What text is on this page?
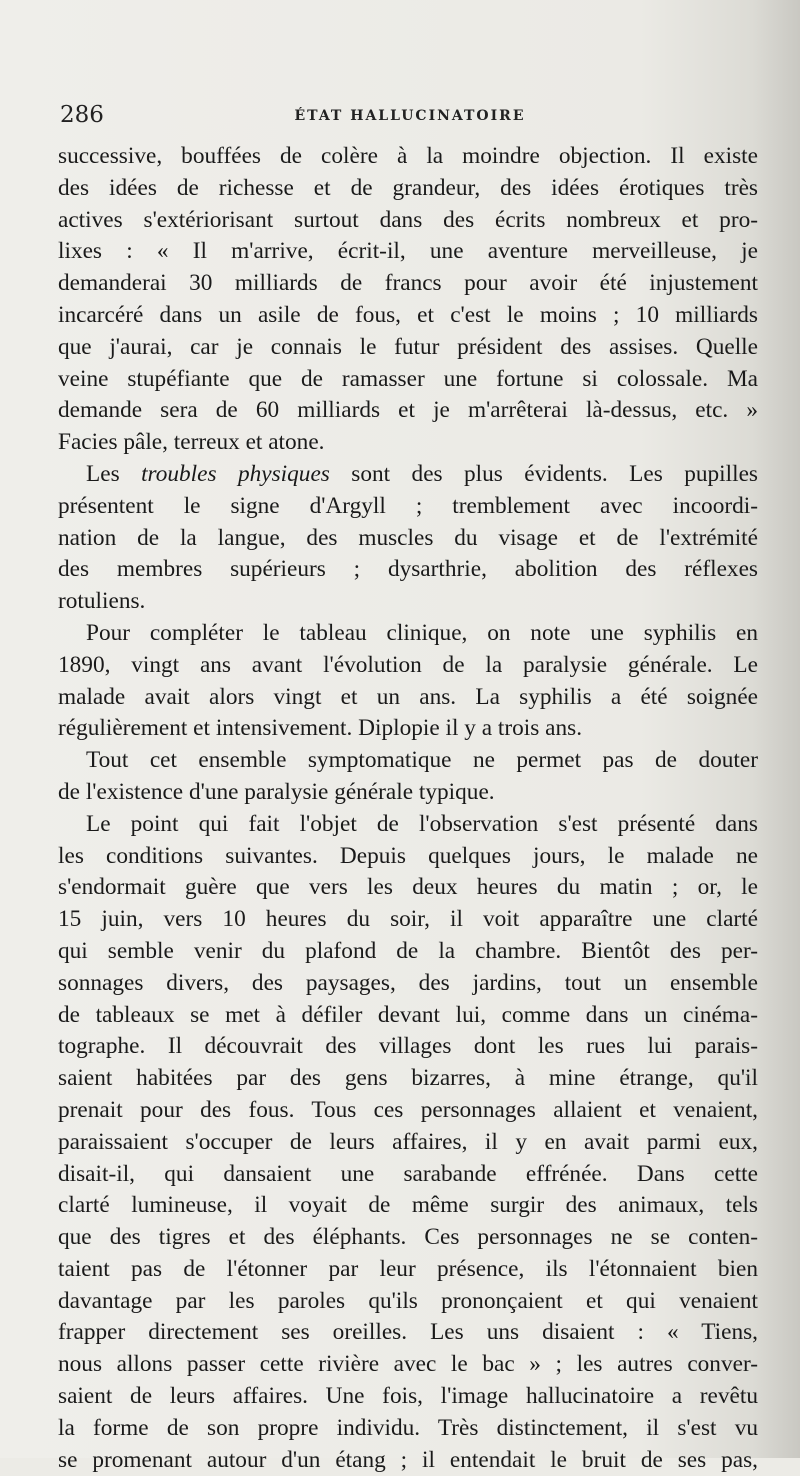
286	ÉTAT HALLUCINATOIRE
successive, bouffées de colère à la moindre objection. Il existe
des idées de richesse et de grandeur, des idées érotiques très
actives s'extériorisant surtout dans des écrits nombreux et pro-
lixes : « Il m'arrive, écrit-il, une aventure merveilleuse, je
demanderai 30 milliards de francs pour avoir été injustement
incarcéré dans un asile de fous, et c'est le moins ; 10 milliards
que j'aurai, car je connais le futur président des assises. Quelle
veine stupéfiante que de ramasser une fortune si colossale. Ma
demande sera de 60 milliards et je m'arrêterai là-dessus, etc. »
Facies pâle, terreux et atone.
Les troubles physiques sont des plus évidents. Les pupilles
présentent le signe d'Argyll ; tremblement avec incoordi-
nation de la langue, des muscles du visage et de l'extrémité
des membres supérieurs ; dysarthrie, abolition des réflexes
rotuliens.
Pour compléter le tableau clinique, on note une syphilis en
1890, vingt ans avant l'évolution de la paralysie générale. Le
malade avait alors vingt et un ans. La syphilis a été soignée
régulièrement et intensivement. Diplopie il y a trois ans.
Tout cet ensemble symptomatique ne permet pas de douter
de l'existence d'une paralysie générale typique.
Le point qui fait l'objet de l'observation s'est présenté dans
les conditions suivantes. Depuis quelques jours, le malade ne
s'endormait guère que vers les deux heures du matin ; or, le
15 juin, vers 10 heures du soir, il voit apparaître une clarté
qui semble venir du plafond de la chambre. Bientôt des per-
sonnages divers, des paysages, des jardins, tout un ensemble
de tableaux se met à défiler devant lui, comme dans un cinéma-
tographe. Il découvrait des villages dont les rues lui parais-
saient habitées par des gens bizarres, à mine étrange, qu'il
prenait pour des fous. Tous ces personnages allaient et venaient,
paraissaient s'occuper de leurs affaires, il y en avait parmi eux,
disait-il, qui dansaient une sarabande effrénée. Dans cette
clarté lumineuse, il voyait de même surgir des animaux, tels
que des tigres et des éléphants. Ces personnages ne se conten-
taient pas de l'étonner par leur présence, ils l'étonnaient bien
davantage par les paroles qu'ils prononçaient et qui venaient
frapper directement ses oreilles. Les uns disaient : « Tiens,
nous allons passer cette rivière avec le bac » ; les autres conver-
saient de leurs affaires. Une fois, l'image hallucinatoire a revêtu
la forme de son propre individu. Très distinctement, il s'est vu
se promenant autour d'un étang ; il entendait le bruit de ses pas,
